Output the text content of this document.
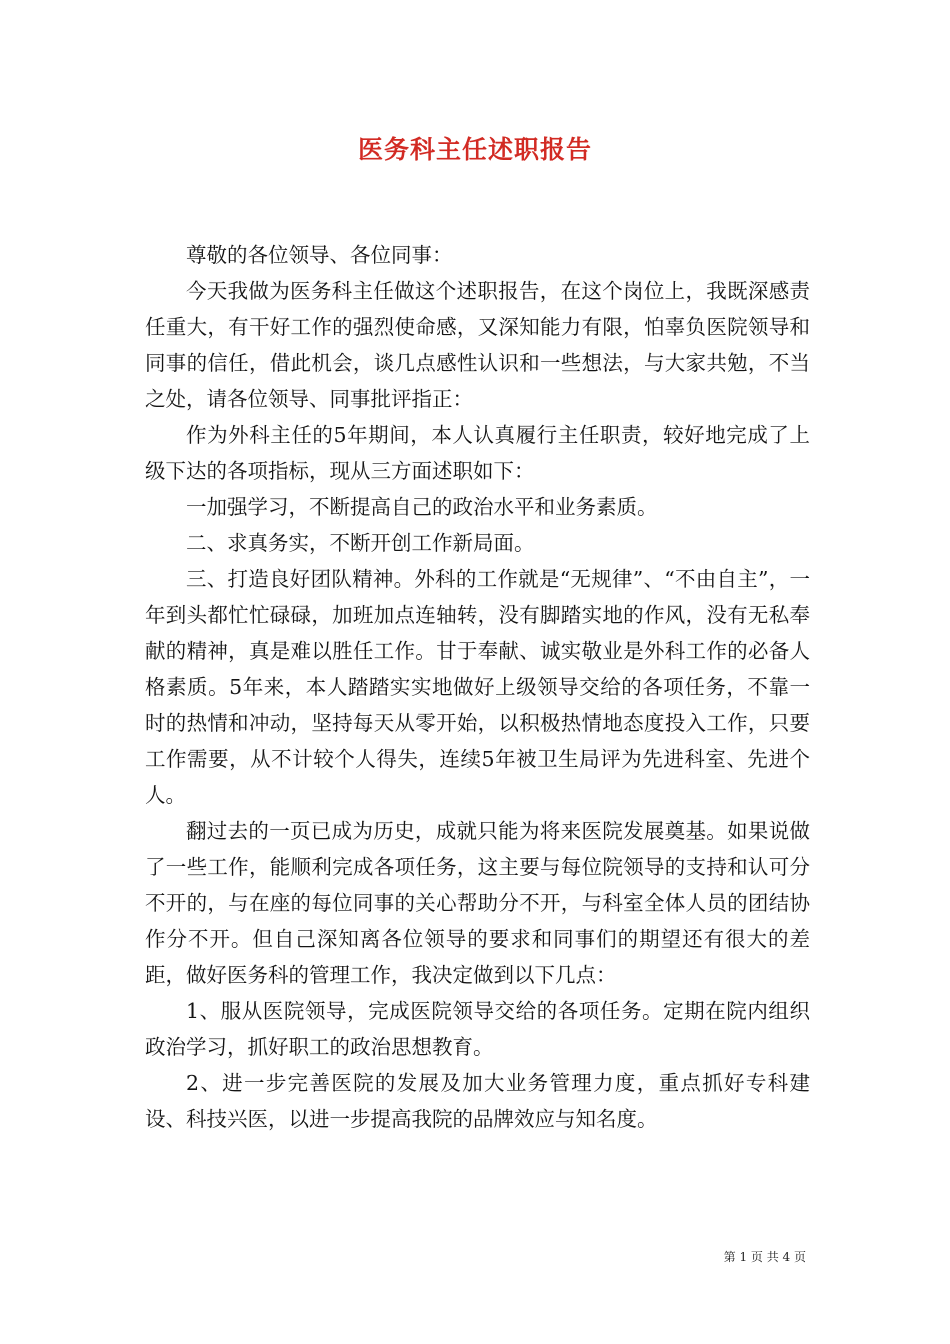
医务科主任述职报告

尊敬的各位领导、各位同事：

今天我做为医务科主任做这个述职报告，在这个岗位上，我既深感责任重大，有干好工作的强烈使命感，又深知能力有限，怕辜负医院领导和同事的信任，借此机会，谈几点感性认识和一些想法，与大家共勉，不当之处，请各位领导、同事批评指正：

作为外科主任的5年期间，本人认真履行主任职责，较好地完成了上级下达的各项指标，现从三方面述职如下：

一加强学习，不断提高自己的政治水平和业务素质。

二、求真务实，不断开创工作新局面。

三、打造良好团队精神。外科的工作就是“无规律”、“不由自主”，一年到头都忙忙碌碌，加班加点连轴转，没有脚踏实地的作风，没有无私奉献的精神，真是难以胜任工作。甘于奉献、诚实敬业是外科工作的必备人格素质。5年来，本人踏踏实实地做好上级领导交给的各项任务，不靠一时的热情和冲动，坚持每天从零开始，以积极热情地态度投入工作，只要工作需要，从不计较个人得失，连续5年被卫生局评为先进科室、先进个人。

翻过去的一页已成为历史，成就只能为将来医院发展奠基。如果说做了一些工作，能顺利完成各项任务，这主要与每位院领导的支持和认可分不开的，与在座的每位同事的关心帮助分不开，与科室全体人员的团结协作分不开。但自己深知离各位领导的要求和同事们的期望还有很大的差距，做好医务科的管理工作，我决定做到以下几点：

1、服从医院领导，完成医院领导交给的各项任务。定期在院内组织政治学习，抓好职工的政治思想教育。

2、进一步完善医院的发展及加大业务管理力度，重点抓好专科建设、科技兴医，以进一步提高我院的品牌效应与知名度。

第 1 页 共 4 页
